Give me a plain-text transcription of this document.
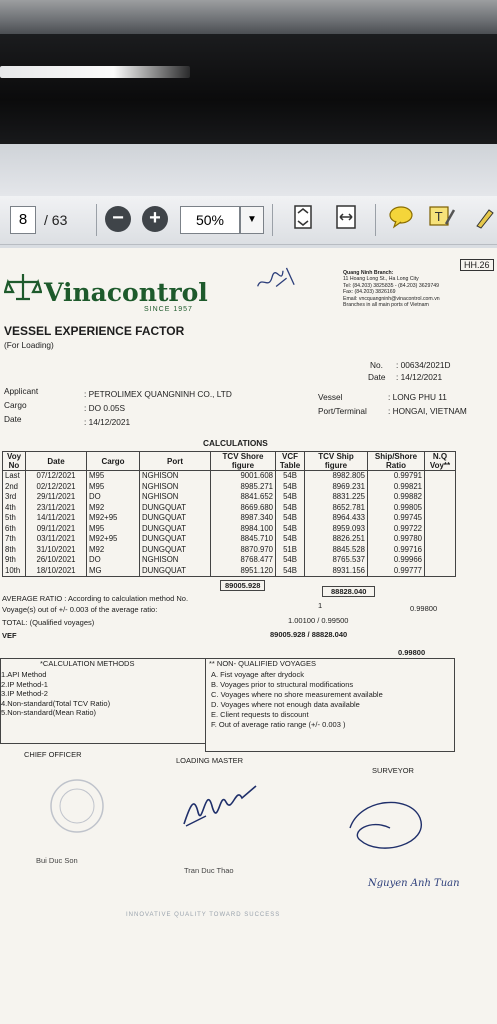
8	/ 63	−	+	50%	▼	T
HH.26
Vinacontrol
SINCE 1957
Quang Ninh Branch:
11 Hoang Long St., Ha Long City
Tel: (84.203) 3825835 - (84.203) 3629749
Fax: (84.203) 3826169
Email: vncquangninh@vinacontrol.com.vn
Branches in all main ports of Vietnam
VESSEL EXPERIENCE FACTOR
(For Loading)
No. : 00634/2021D
Date : 14/12/2021
Applicant	: PETROLIMEX QUANGNINH CO., LTD
Cargo	: DO 0.05S
Date	: 14/12/2021
Vessel	: LONG PHU 11
Port/Terminal	: HONGAI, VIETNAM
CALCULATIONS
Voy No	Date	Cargo	Port	TCV Shore figure	VCF Table	TCV Ship figure	Ship/Shore Ratio	N.Q Voy**
Last	07/12/2021	M95	NGHISON	9001.608	54B	8982.805	0.99791	
2nd	02/12/2021	M95	NGHISON	8985.271	54B	8969.231	0.99821	
3rd	29/11/2021	DO	NGHISON	8841.652	54B	8831.225	0.99882	
4th	23/11/2021	M92	DUNGQUAT	8669.680	54B	8652.781	0.99805	
5th	14/11/2021	M92+95	DUNGQUAT	8987.340	54B	8964.433	0.99745	
6th	09/11/2021	M95	DUNGQUAT	8984.100	54B	8959.093	0.99722	
7th	03/11/2021	M92+95	DUNGQUAT	8845.710	54B	8826.251	0.99780	
8th	31/10/2021	M92	DUNGQUAT	8870.970	51B	8845.528	0.99716	
9th	26/10/2021	DO	NGHISON	8768.477	54B	8765.537	0.99966	
10th	18/10/2021	MG	DUNGQUAT	8951.120	54B	8931.156	0.99777	
89005.928
88828.040
AVERAGE RATIO : According to calculation method No.
1	0.99800
Voyage(s) out of +/- 0.003 of the average ratio:
1.00100 / 0.99500
TOTAL: (Qualified voyages)
89005.928 / 88828.040
VEF
0.99800
*CALCULATION METHODS
1.API Method
2.IP Method-1
3.IP Method-2
4.Non-standard(Total TCV Ratio)
5.Non-standard(Mean Ratio)
** NON- QUALIFIED VOYAGES
A. Fist voyage after drydock
B. Voyages prior to structural modifications
C. Voyages where no shore measurement available
D. Voyages where not enough data available
E. Client requests to discount
F. Out of average ratio range (+/- 0.003 )
CHIEF OFFICER
LOADING MASTER
SURVEYOR
Bui Duc Son
Tran Duc Thao
Nguyen Anh Tuan
INNOVATIVE QUALITY TOWARD SUCCESS
